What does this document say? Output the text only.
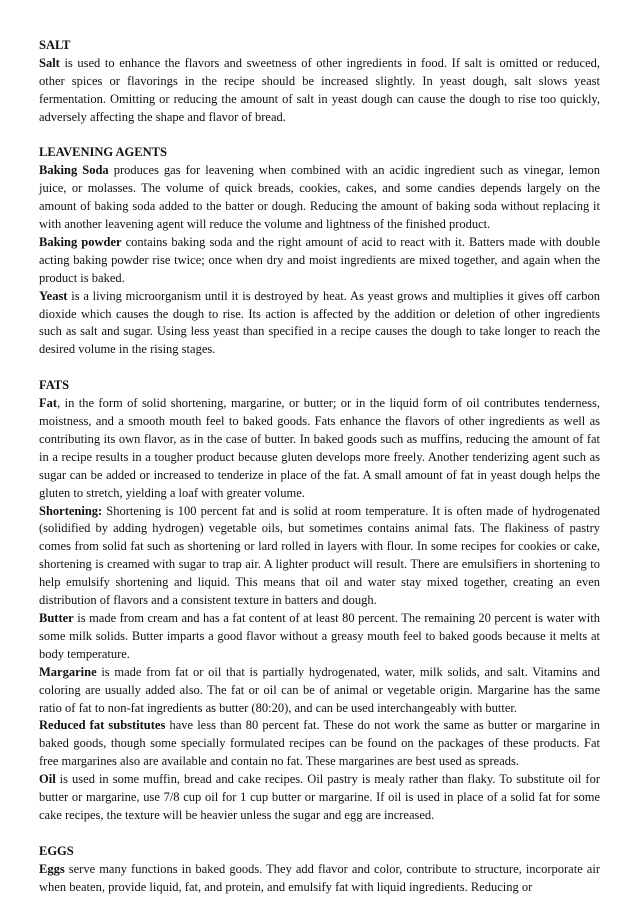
SALT

Salt is used to enhance the flavors and sweetness of other ingredients in food. If salt is omitted or reduced, other spices or flavorings in the recipe should be increased slightly. In yeast dough, salt slows yeast fermentation. Omitting or reducing the amount of salt in yeast dough can cause the dough to rise too quickly, adversely affecting the shape and flavor of bread.

LEAVENING AGENTS

Baking Soda produces gas for leavening when combined with an acidic ingredient such as vinegar, lemon juice, or molasses. The volume of quick breads, cookies, cakes, and some candies depends largely on the amount of baking soda added to the batter or dough. Reducing the amount of baking soda without replacing it with another leavening agent will reduce the volume and lightness of the finished product.

Baking powder contains baking soda and the right amount of acid to react with it. Batters made with double acting baking powder rise twice; once when dry and moist ingredients are mixed together, and again when the product is baked.

Yeast is a living microorganism until it is destroyed by heat. As yeast grows and multiplies it gives off carbon dioxide which causes the dough to rise. Its action is affected by the addition or deletion of other ingredients such as salt and sugar. Using less yeast than specified in a recipe causes the dough to take longer to reach the desired volume in the rising stages.

FATS

Fat, in the form of solid shortening, margarine, or butter; or in the liquid form of oil contributes tenderness, moistness, and a smooth mouth feel to baked goods. Fats enhance the flavors of other ingredients as well as contributing its own flavor, as in the case of butter. In baked goods such as muffins, reducing the amount of fat in a recipe results in a tougher product because gluten develops more freely. Another tenderizing agent such as sugar can be added or increased to tenderize in place of the fat. A small amount of fat in yeast dough helps the gluten to stretch, yielding a loaf with greater volume.

Shortening: Shortening is 100 percent fat and is solid at room temperature. It is often made of hydrogenated (solidified by adding hydrogen) vegetable oils, but sometimes contains animal fats. The flakiness of pastry comes from solid fat such as shortening or lard rolled in layers with flour. In some recipes for cookies or cake, shortening is creamed with sugar to trap air. A lighter product will result. There are emulsifiers in shortening to help emulsify shortening and liquid. This means that oil and water stay mixed together, creating an even distribution of flavors and a consistent texture in batters and dough.

Butter is made from cream and has a fat content of at least 80 percent. The remaining 20 percent is water with some milk solids. Butter imparts a good flavor without a greasy mouth feel to baked goods because it melts at body temperature.

Margarine is made from fat or oil that is partially hydrogenated, water, milk solids, and salt. Vitamins and coloring are usually added also. The fat or oil can be of animal or vegetable origin. Margarine has the same ratio of fat to non-fat ingredients as butter (80:20), and can be used interchangeably with butter.

Reduced fat substitutes have less than 80 percent fat. These do not work the same as butter or margarine in baked goods, though some specially formulated recipes can be found on the packages of these products. Fat free margarines also are available and contain no fat. These margarines are best used as spreads.

Oil is used in some muffin, bread and cake recipes. Oil pastry is mealy rather than flaky. To substitute oil for butter or margarine, use 7/8 cup oil for 1 cup butter or margarine. If oil is used in place of a solid fat for some cake recipes, the texture will be heavier unless the sugar and egg are increased.

EGGS

Eggs serve many functions in baked goods. They add flavor and color, contribute to structure, incorporate air when beaten, provide liquid, fat, and protein, and emulsify fat with liquid ingredients. Reducing or
